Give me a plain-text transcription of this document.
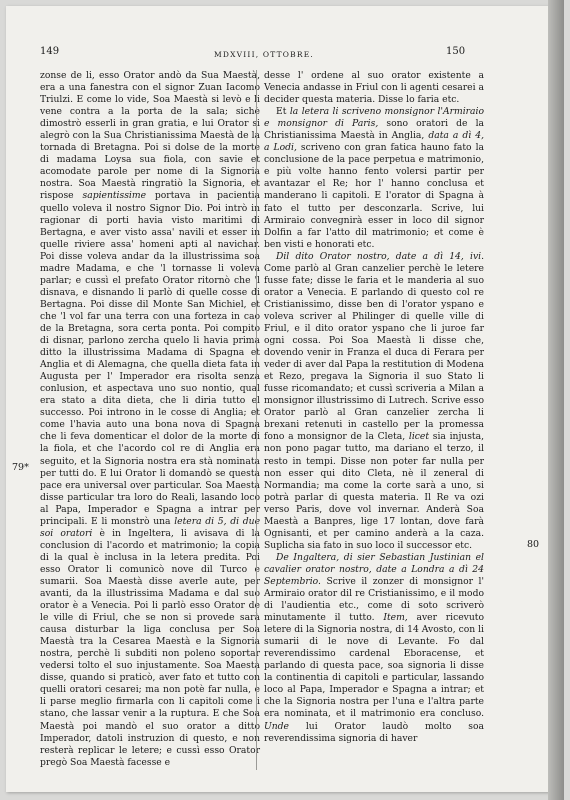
149	MDXVIII, OTTOBRE.	150

zonse de li, esso Orator andò da Sua Maestà, era a una fanestra con el signor Zuan Iacomo Triulzi. E come lo vide, Soa Maestà si levò e li vene contra a la porta de la sala; sichè dimostrò esserli in gran gratia, e lui Orator si alegrò con la Sua Christianissima Maestà de la tornada di Bretagna. Poi si dolse de la morte di madama Loysa sua fiola, con savie et acomodate parole per nome di la Signoria nostra. Soa Maestà ringratiò la Signoria, et rispose sapientissime portava in pacientia quello voleva il nostro Signor Dio. Poi intrò in ragionar di porti havia visto maritimi di Bertagna, e aver visto assa' navili et esser in quelle riviere assa' homeni apti al navichar. Poi disse voleva andar da la illustrissima soa madre Madama, e che 'l tornasse li voleva parlar; e cussì el prefato Orator ritornò che 'l disnava, e disnando li parlò di quelle cosse di Bertagna. Poi disse dil Monte San Michiel, et che 'l vol far una terra con una forteza in cao de la Bretagna, sora certa ponta. Poi compito di disnar, parlono zercha quelo li havia prima ditto la illustrissima Madama di Spagna et Anglia et di Alemagna, che quella dieta fata in Augusta per l' Imperador era risolta senza conlusion, et aspectava uno suo nontio, qual era stato a dita dieta, che li diria tutto el successo. Poi introno in le cosse di Anglia; et come l'havia auto una bona nova di Spagna che li feva domenticar el dolor de la morte di la fiola, et che l'acordo col re di Anglia era seguito, et la Signoria nostra era stà nominata per tutti do. E lui Orator li domandò se questa pace era universal over particular. Soa Maestà disse particular tra loro do Reali, lasando loco al Papa, Imperador e Spagna a intrar per principali. E li monstrò una letera di 5, di due soi oratori è in Ingeltera, li avisava di la conclusion di l'acordo et matrimonio; la copia di la qual è inclusa in la letera predita. Poi esso Orator li comunicò nove dil Turco e sumarii. Soa Maestà disse averle aute, per avanti, da la illustrissima Madama e dal suo orator è a Venecia. Poi li parlò esso Orator de le ville di Friul, che se non si provede sarà causa disturbar la liga conclusa per Soa Maestà tra la Cesarea Maestà e la Signoria nostra, perchè li subditi non poleno soportar vedersi tolto el suo injustamente. Soa Maestà disse, quando si praticò, aver fato et tutto con quelli oratori cesarei; ma non potè far nulla, e li parse meglio firmarla con li capitoli come i stano, che lassar venir a la ruptura. E che Soa Maestà poi mandò el suo orator a ditto Imperador, datoli instruzion di questo, e non resterà replicar le letere; e cussì esso Orator pregò Soa Maestà facesse e

desse l' ordene al suo orator existente a Venecia andasse in Friul con li agenti cesarei a decider questa materia. Disse lo faria etc.

Et la letera li scriveno monsignor l'Armiraio e monsignor di Paris, sono oratori de la Christianissima Maestà in Anglia, data a dì 4, a Lodi, scriveno con gran fatica hauno fato la conclusione de la pace perpetua e matrimonio, e più volte hanno fento volersi partir per avantazar el Re; hor l' hanno conclusa et manderano li capitoli. E l'orator di Spagna à fato el tutto per desconzarla. Scrive, lui Armiraio convegnirà esser in loco dil signor Dolfin a far l'atto dil matrimonio; et come è ben visti e honorati etc.

Dil dito Orator nostro, date a dì 14, ivi. Come parlò al Gran canzelier perchè le letere fusse fate; disse le faria et le manderia al suo orator a Venecia. E parlando di questo col re Cristianissimo, disse ben di l'orator yspano e voleva scriver al Philinger di quelle ville di Friul, e il dito orator yspano che li juroe far ogni cossa. Poi Soa Maestà li disse che, dovendo venir in Franza el duca di Ferara per veder di aver dal Papa la restitution di Modena et Rezo, pregava la Signoria il suo Stato li fusse ricomandato; et cussì scriveria a Milan a monsignor illustrissimo di Lutrech. Scrive esso Orator parlò al Gran canzelier zercha li brexani retenuti in castello per la promessa fono a monsignor de la Cleta, licet sia injusta, non pono pagar tutto, ma dariano el terzo, il resto in tempi. Disse non poter far nulla per non esser qui dito Cleta, nè il zeneral di Normandia; ma come la corte sarà a uno, si potrà parlar di questa materia. Il Re va ozi verso Paris, dove vol invernar. Anderà Soa Maestà a Banpres, lige 17 lontan, dove farà Ognisanti, et per camino anderà a la caza. Suplicha sia fato in suo loco il successor etc.

De Ingaltera, di sier Sebastian Justinian el cavalier orator nostro, date a Londra a dì 24 Septembrio. Scrive il zonzer di monsignor l' Armiraio orator dil re Cristianissimo, e il modo di l'audientia etc., come di soto scriverò minutamente il tutto. Item, aver ricevuto letere di la Signoria nostra, di 14 Avosto, con li sumarii di le nove di Levante. Fo dal reverendissimo cardenal Eboracense, et parlando di questa pace, soa signoria li disse la continentia di capitoli e particular, lassando loco al Papa, Imperador e Spagna a intrar; et che la Signoria nostra per l'una e l'altra parte era nominata, et il matrimonio era concluso. Unde lui Orator laudò molto soa reverendissima signoria di haver

79*
80
